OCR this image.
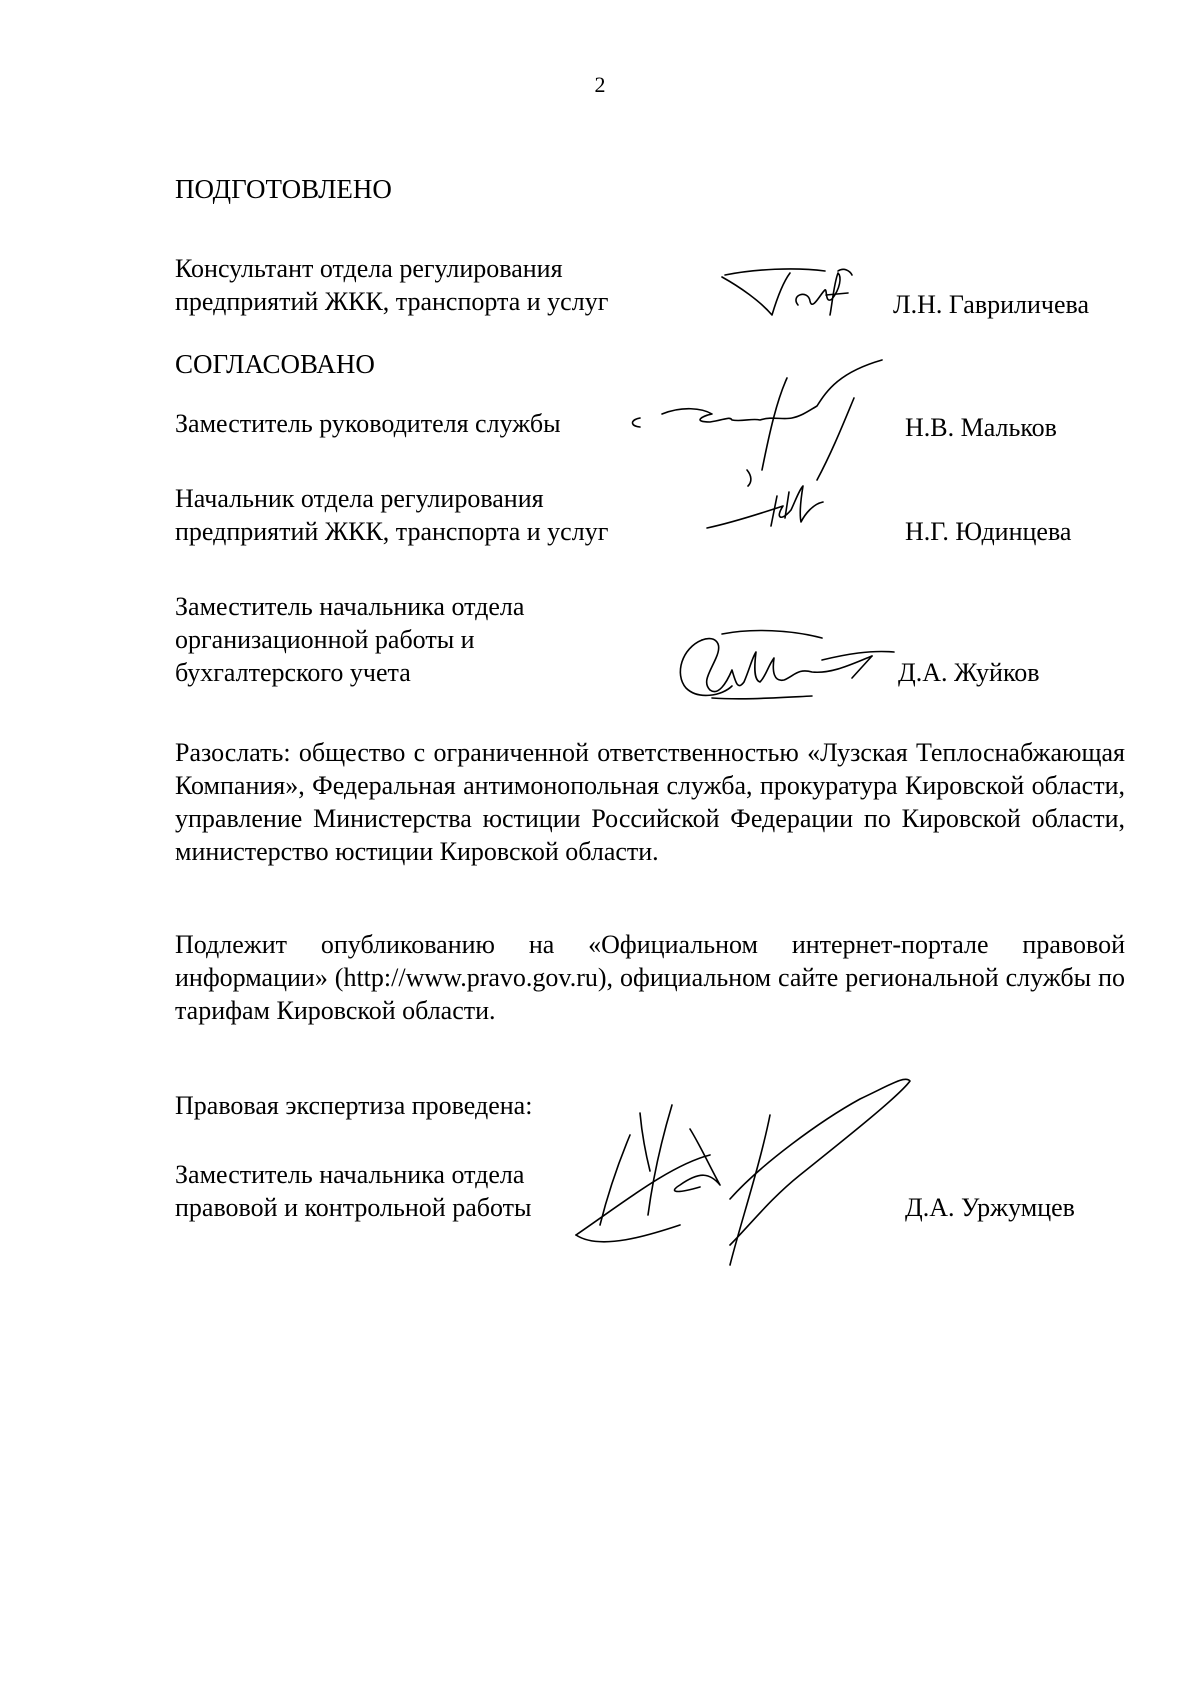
2
ПОДГОТОВЛЕНО
Консультант отдела регулирования
предприятий ЖКК, транспорта и услуг	Л.Н. Гавриличева
СОГЛАСОВАНО
Заместитель руководителя службы	Н.В. Мальков
Начальник отдела регулирования
предприятий ЖКК, транспорта и услуг	Н.Г. Юдинцева
Заместитель начальника отдела
организационной работы и
бухгалтерского учета	Д.А. Жуйков
Разослать: общество с ограниченной ответственностью «Лузская Теплоснабжающая Компания», Федеральная антимонопольная служба, прокуратура Кировской области, управление Министерства юстиции Российской Федерации по Кировской области, министерство юстиции Кировской области.
Подлежит опубликованию на «Официальном интернет-портале правовой информации» (http://www.pravo.gov.ru), официальном сайте региональной службы по тарифам Кировской области.
Правовая экспертиза проведена:
Заместитель начальника отдела
правовой и контрольной работы	Д.А. Уржумцев
